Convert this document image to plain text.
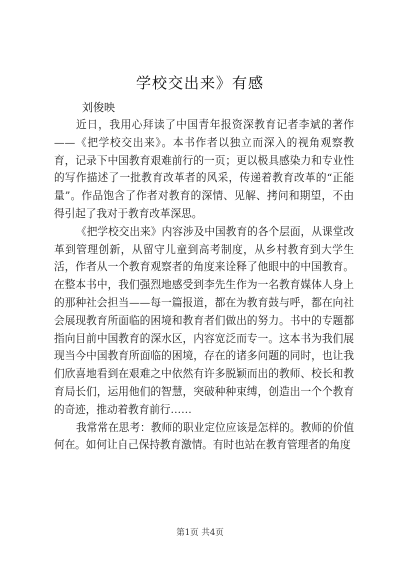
学校交出来》有感
刘俊映

近日，我用心拜读了中国青年报资深教育记者李斌的著作——《把学校交出来》。本书作者以独立而深入的视角观察教育，记录下中国教育艰难前行的一页；更以极具感染力和专业性的写作描述了一批教育改革者的风采，传递着教育改革的“正能量”。作品饱含了作者对教育的深情、见解、拷问和期望，不由得引起了我对于教育改革深思。

《把学校交出来》内容涉及中国教育的各个层面，从课堂改革到管理创新，从留守儿童到高考制度，从乡村教育到大学生活，作者从一个教育观察者的角度来诠释了他眼中的中国教育。在整本书中，我们强烈地感受到李先生作为一名教育媒体人身上的那种社会担当——每一篇报道，都在为教育鼓与呼，都在向社会展现教育所面临的困境和教育者们做出的努力。书中的专题都指向目前中国教育的深水区，内容宽泛而专一。这本书为我们展现当今中国教育所面临的困境，存在的诸多问题的同时，也让我们欣喜地看到在艰难之中依然有许多脱颖而出的教师、校长和教育局长们，运用他们的智慧，突破种种束缚，创造出一个个教育的奇迹，推动着教育前行……

我常常在思考：教师的职业定位应该是怎样的。教师的价值何在。如何让自己保持教育激情。有时也站在教育管理者的角度

第1页 共4页
